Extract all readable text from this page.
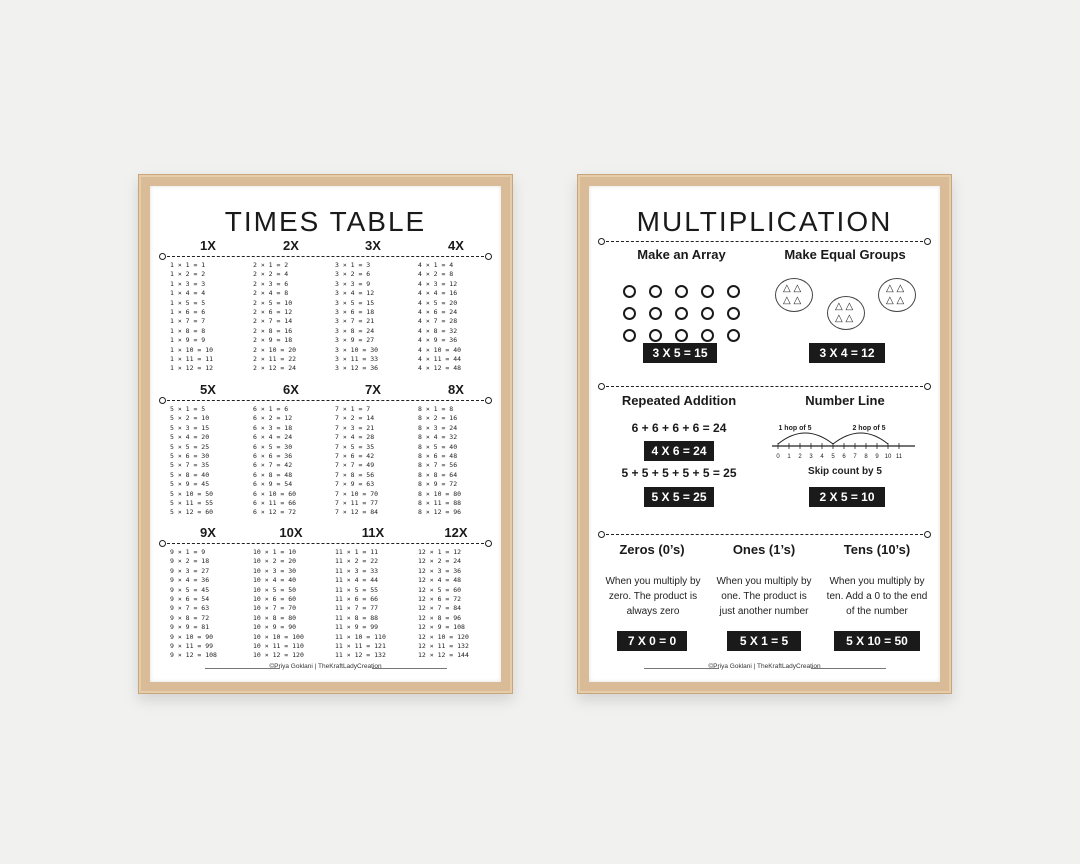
TIMES TABLE
1X
1 × 1 = 1
1 × 2 = 2
1 × 3 = 3
1 × 4 = 4
1 × 5 = 5
1 × 6 = 6
1 × 7 = 7
1 × 8 = 8
1 × 9 = 9
1 × 10 = 10
1 × 11 = 11
1 × 12 = 12
2X
2 × 1 = 2
2 × 2 = 4
2 × 3 = 6
2 × 4 = 8
2 × 5 = 10
2 × 6 = 12
2 × 7 = 14
2 × 8 = 16
2 × 9 = 18
2 × 10 = 20
2 × 11 = 22
2 × 12 = 24
3X
3 × 1 = 3
3 × 2 = 6
3 × 3 = 9
3 × 4 = 12
3 × 5 = 15
3 × 6 = 18
3 × 7 = 21
3 × 8 = 24
3 × 9 = 27
3 × 10 = 30
3 × 11 = 33
3 × 12 = 36
4X
4 × 1 = 4
4 × 2 = 8
4 × 3 = 12
4 × 4 = 16
4 × 5 = 20
4 × 6 = 24
4 × 7 = 28
4 × 8 = 32
4 × 9 = 36
4 × 10 = 40
4 × 11 = 44
4 × 12 = 48
5X
5 × 1 = 5
5 × 2 = 10
5 × 3 = 15
5 × 4 = 20
5 × 5 = 25
5 × 6 = 30
5 × 7 = 35
5 × 8 = 40
5 × 9 = 45
5 × 10 = 50
5 × 11 = 55
5 × 12 = 60
6X
6 × 1 = 6
6 × 2 = 12
6 × 3 = 18
6 × 4 = 24
6 × 5 = 30
6 × 6 = 36
6 × 7 = 42
6 × 8 = 48
6 × 9 = 54
6 × 10 = 60
6 × 11 = 66
6 × 12 = 72
7X
7 × 1 = 7
7 × 2 = 14
7 × 3 = 21
7 × 4 = 28
7 × 5 = 35
7 × 6 = 42
7 × 7 = 49
7 × 8 = 56
7 × 9 = 63
7 × 10 = 70
7 × 11 = 77
7 × 12 = 84
8X
8 × 1 = 8
8 × 2 = 16
8 × 3 = 24
8 × 4 = 32
8 × 5 = 40
8 × 6 = 48
8 × 7 = 56
8 × 8 = 64
8 × 9 = 72
8 × 10 = 80
8 × 11 = 88
8 × 12 = 96
9X
9 × 1 = 9
9 × 2 = 18
9 × 3 = 27
9 × 4 = 36
9 × 5 = 45
9 × 6 = 54
9 × 7 = 63
9 × 8 = 72
9 × 9 = 81
9 × 10 = 90
9 × 11 = 99
9 × 12 = 108
10X
10 × 1 = 10
10 × 2 = 20
10 × 3 = 30
10 × 4 = 40
10 × 5 = 50
10 × 6 = 60
10 × 7 = 70
10 × 8 = 80
10 × 9 = 90
10 × 10 = 100
10 × 11 = 110
10 × 12 = 120
11X
11 × 1 = 11
11 × 2 = 22
11 × 3 = 33
11 × 4 = 44
11 × 5 = 55
11 × 6 = 66
11 × 7 = 77
11 × 8 = 88
11 × 9 = 99
11 × 10 = 110
11 × 11 = 121
11 × 12 = 132
12X
12 × 1 = 12
12 × 2 = 24
12 × 3 = 36
12 × 4 = 48
12 × 5 = 60
12 × 6 = 72
12 × 7 = 84
12 × 8 = 96
12 × 9 = 108
12 × 10 = 120
12 × 11 = 132
12 × 12 = 144
©Priya Goklani | TheKraftLadyCreation
MULTIPLICATION
Make an Array	Make Equal Groups
△ △
△ △
△ △
△ △
△ △
△ △
3 X 5 = 15	3 X 4 = 12
Repeated Addition	Number Line
6 + 6 + 6 + 6 = 24
4 X 6 = 24
5 + 5 + 5 + 5 + 5 = 25
5 X 5 = 25
0 1 2 3 4 5 6 7 8 9 10 11
1 hop of 5	2 hop of 5
Skip count by 5
2 X 5 = 10
Zeros (0’s)	Ones (1’s)	Tens (10’s)
When you multiply by zero. The product is always zero
When you multiply by one. The product is just another number
When you multiply by ten. Add a 0 to the end of the number
7 X 0 = 0	5 X 1 = 5	5 X 10 = 50
©Priya Goklani | TheKraftLadyCreation
